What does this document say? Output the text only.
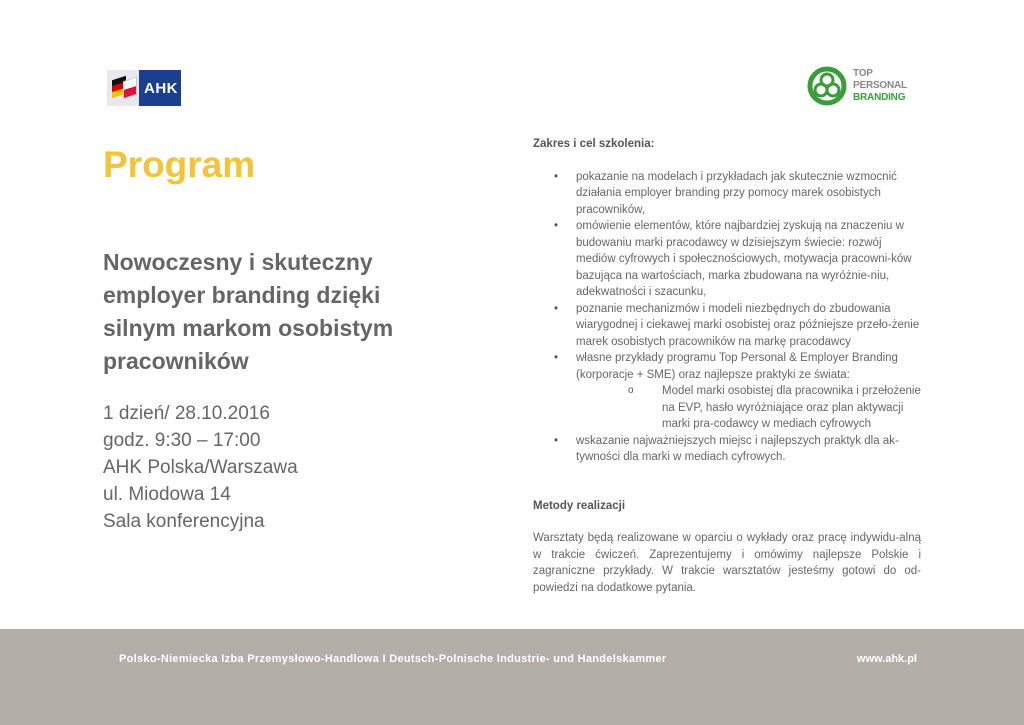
AHK
TOP PERSONAL
BRANDING
Program

Nowoczesny i skuteczny employer branding dzięki silnym markom osobistym pracowników

1 dzień/ 28.10.2016
godz. 9:30 – 17:00
AHK Polska/Warszawa
ul. Miodowa 14
Sala konferencyjna
Zakres i cel szkolenia:
• pokazanie na modelach i przykładach jak skutecznie wzmocnić działania employer branding przy pomocy marek osobistych pracowników,
• omówienie elementów, które najbardziej zyskują na znaczeniu w budowaniu marki pracodawcy w dzisiejszym świecie: rozwój mediów cyfrowych i społecznościowych, motywacja pracowni-ków bazująca na wartościach, marka zbudowana na wyróżnie-niu, adekwatności i szacunku,
• poznanie mechanizmów i modeli niezbędnych do zbudowania wiarygodnej i ciekawej marki osobistej oraz późniejsze przeło-żenie marek osobistych pracowników na markę pracodawcy
• własne przykłady programu Top Personal & Employer Branding (korporacje + SME) oraz najlepsze praktyki ze świata:
o Model marki osobistej dla pracownika i przełożenie na EVP, hasło wyróżniające oraz plan aktywacji marki pra-codawcy w mediach cyfrowych
• wskazanie najważniejszych miejsc i najlepszych praktyk dla ak-tywności dla marki w mediach cyfrowych.
Metody realizacji

Warsztaty będą realizowane w oparciu o wykłady oraz pracę indywidu-alną w trakcie ćwiczeń. Zaprezentujemy i omówimy najlepsze Polskie i zagraniczne przykłady. W trakcie warsztatów jesteśmy gotowi do od-powiedzi na dodatkowe pytania.

Polsko-Niemiecka Izba Przemysłowo-Handlowa I Deutsch-Polnische Industrie- und Handelskammer	www.ahk.pl
